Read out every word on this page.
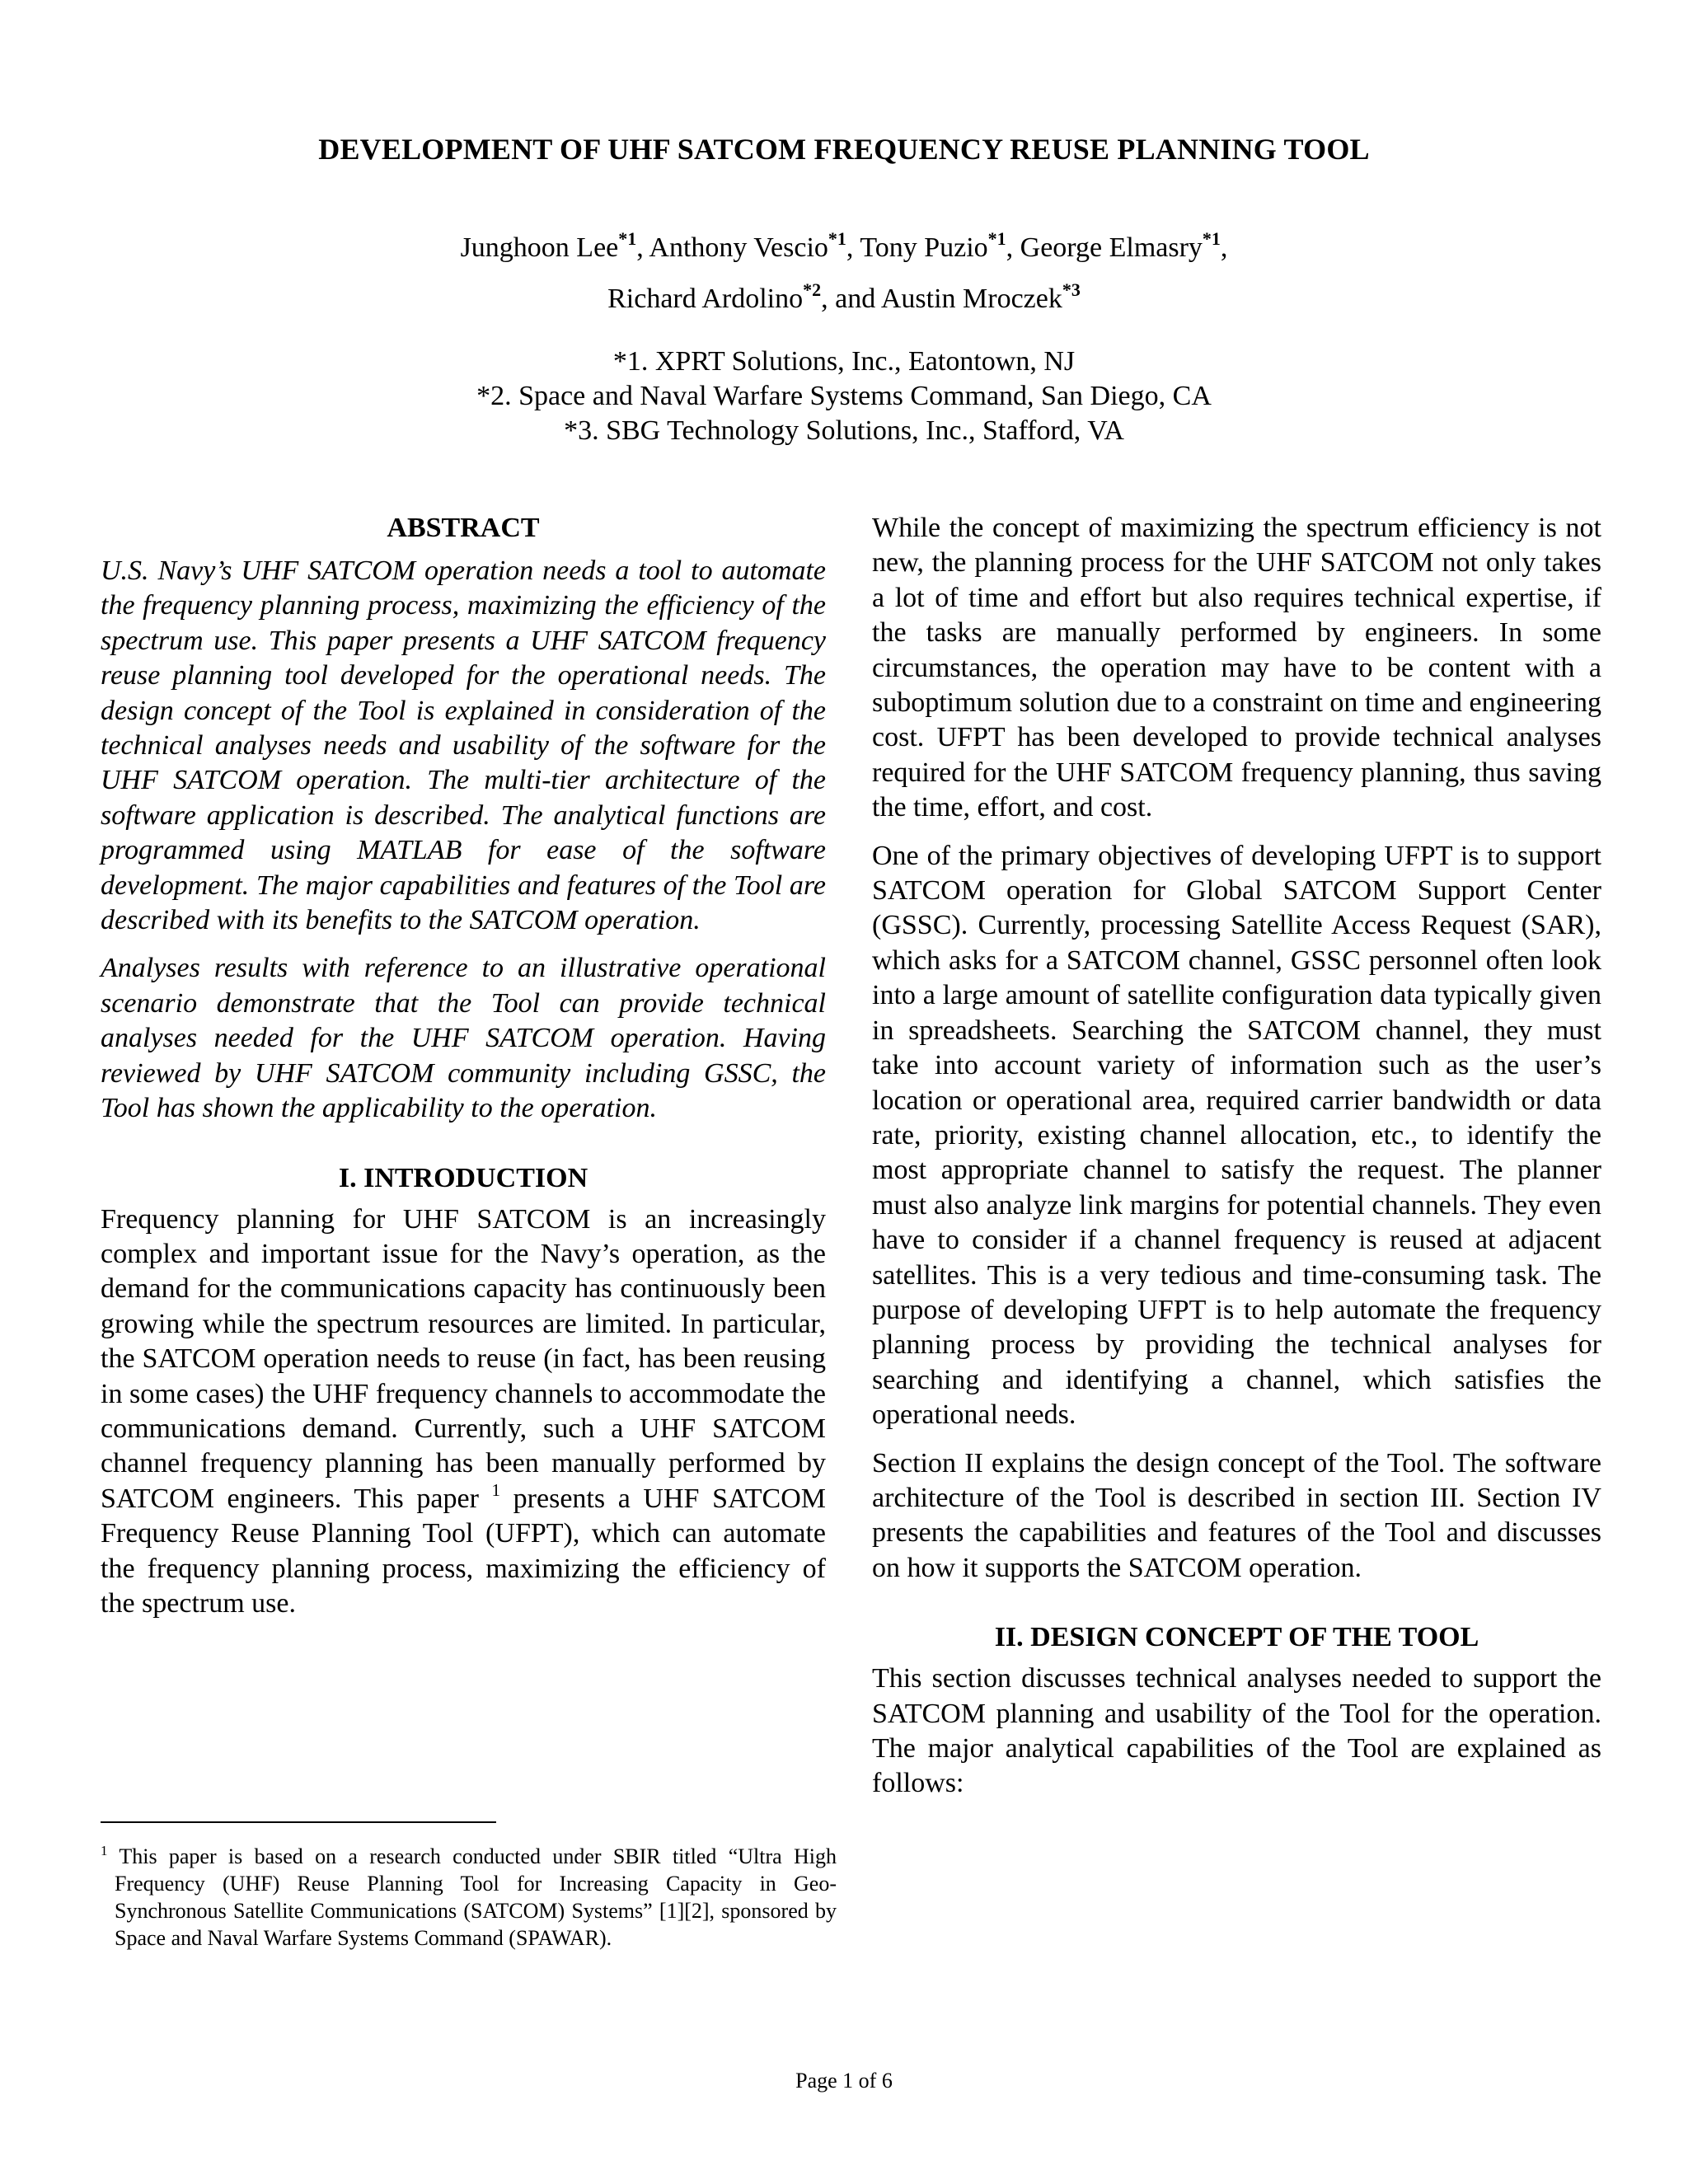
DEVELOPMENT OF UHF SATCOM FREQUENCY REUSE PLANNING TOOL
Junghoon Lee$^{*1}$, Anthony Vescio$^{*1}$, Tony Puzio$^{*1}$, George Elmasry$^{*1}$,
Richard Ardolino$^{*2}$, and Austin Mroczek$^{*3}$
*1. XPRT Solutions, Inc., Eatontown, NJ
*2. Space and Naval Warfare Systems Command, San Diego, CA
*3. SBG Technology Solutions, Inc., Stafford, VA
ABSTRACT

U.S. Navy’s UHF SATCOM operation needs a tool to automate the frequency planning process, maximizing the efficiency of the spectrum use. This paper presents a UHF SATCOM frequency reuse planning tool developed for the operational needs. The design concept of the Tool is explained in consideration of the technical analyses needs and usability of the software for the UHF SATCOM operation. The multi-tier architecture of the software application is described. The analytical functions are programmed using MATLAB for ease of the software development. The major capabilities and features of the Tool are described with its benefits to the SATCOM operation.

Analyses results with reference to an illustrative operational scenario demonstrate that the Tool can provide technical analyses needed for the UHF SATCOM operation. Having reviewed by UHF SATCOM community including GSSC, the Tool has shown the applicability to the operation.

I. INTRODUCTION

Frequency planning for UHF SATCOM is an increasingly complex and important issue for the Navy’s operation, as the demand for the communications capacity has continuously been growing while the spectrum resources are limited. In particular, the SATCOM operation needs to reuse (in fact, has been reusing in some cases) the UHF frequency channels to accommodate the communications demand. Currently, such a UHF SATCOM channel frequency planning has been manually performed by SATCOM engineers. This paper $^1$ presents a UHF SATCOM Frequency Reuse Planning Tool (UFPT), which can automate the frequency planning process, maximizing the efficiency of the spectrum use.

While the concept of maximizing the spectrum efficiency is not new, the planning process for the UHF SATCOM not only takes a lot of time and effort but also requires technical expertise, if the tasks are manually performed by engineers. In some circumstances, the operation may have to be content with a suboptimum solution due to a constraint on time and engineering cost. UFPT has been developed to provide technical analyses required for the UHF SATCOM frequency planning, thus saving the time, effort, and cost.

One of the primary objectives of developing UFPT is to support SATCOM operation for Global SATCOM Support Center (GSSC). Currently, processing Satellite Access Request (SAR), which asks for a SATCOM channel, GSSC personnel often look into a large amount of satellite configuration data typically given in spreadsheets. Searching the SATCOM channel, they must take into account variety of information such as the user’s location or operational area, required carrier bandwidth or data rate, priority, existing channel allocation, etc., to identify the most appropriate channel to satisfy the request. The planner must also analyze link margins for potential channels. They even have to consider if a channel frequency is reused at adjacent satellites. This is a very tedious and time-consuming task. The purpose of developing UFPT is to help automate the frequency planning process by providing the technical analyses for searching and identifying a channel, which satisfies the operational needs.

Section II explains the design concept of the Tool. The software architecture of the Tool is described in section III. Section IV presents the capabilities and features of the Tool and discusses on how it supports the SATCOM operation.

II. DESIGN CONCEPT OF THE TOOL

This section discusses technical analyses needed to support the SATCOM planning and usability of the Tool for the operation. The major analytical capabilities of the Tool are explained as follows:

$^1$ This paper is based on a research conducted under SBIR titled “Ultra High Frequency (UHF) Reuse Planning Tool for Increasing Capacity in Geo-Synchronous Satellite Communications (SATCOM) Systems” [1][2], sponsored by Space and Naval Warfare Systems Command (SPAWAR).
Page 1 of 6
